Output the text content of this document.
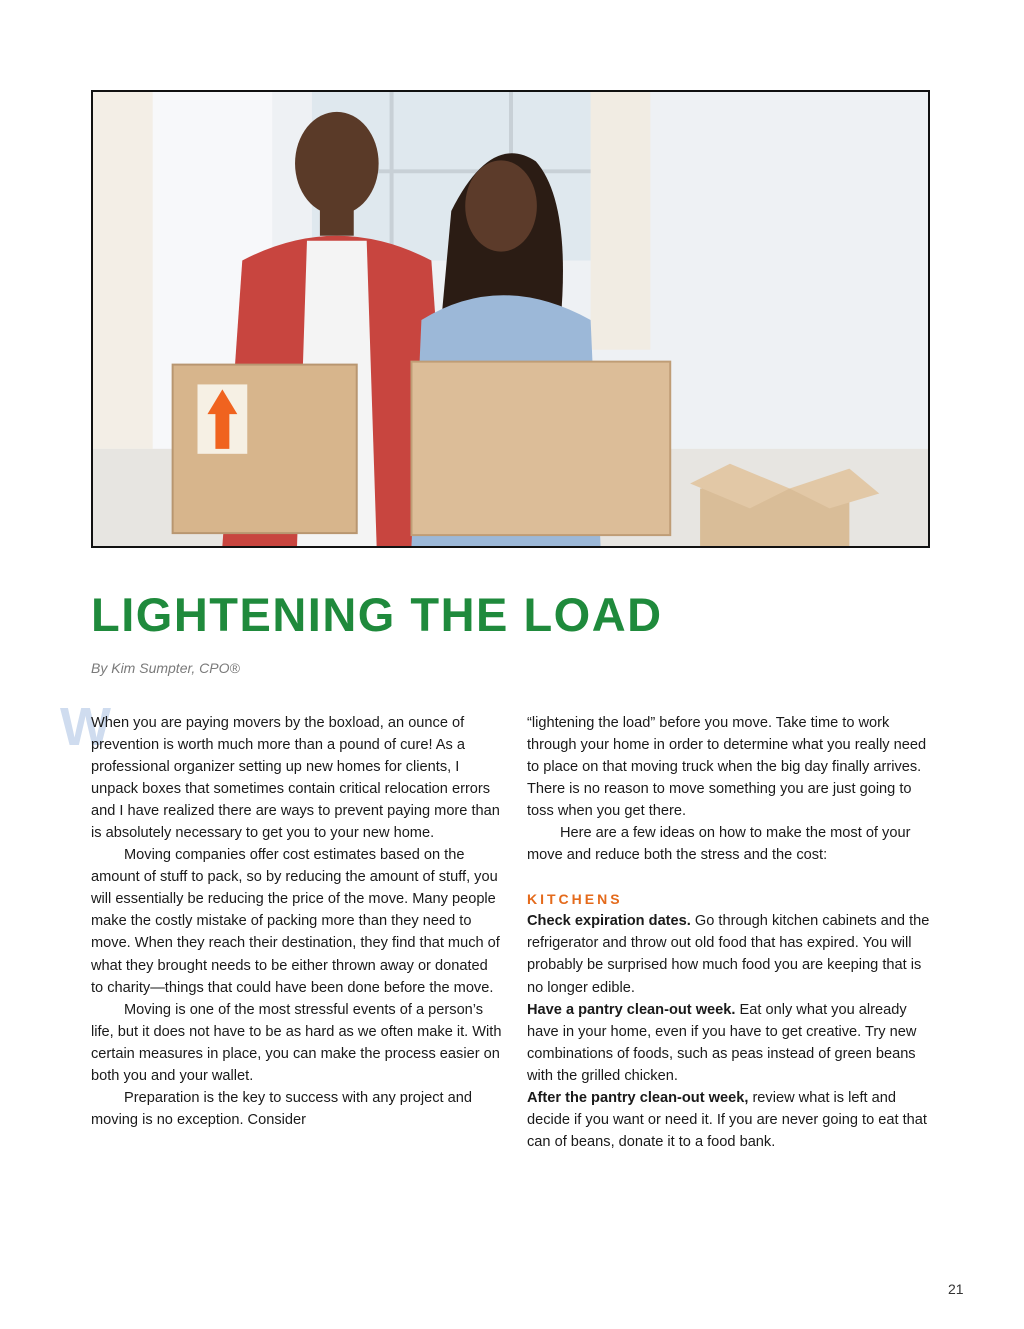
LIGHTENING THE LOAD

By Kim Sumpter, CPO®

W

When you are paying movers by the boxload, an ounce of prevention is worth much more than a pound of cure! As a professional organizer setting up new homes for clients, I unpack boxes that sometimes contain critical relocation errors and I have realized there are ways to prevent paying more than is absolutely necessary to get you to your new home.

Moving companies offer cost estimates based on the amount of stuff to pack, so by reducing the amount of stuff, you will essentially be reducing the price of the move. Many people make the costly mistake of packing more than they need to move. When they reach their destination, they find that much of what they brought needs to be either thrown away or donated to charity—things that could have been done before the move.

Moving is one of the most stressful events of a person’s life, but it does not have to be as hard as we often make it. With certain measures in place, you can make the process easier on both you and your wallet.

Preparation is the key to success with any project and moving is no exception. Consider

“lightening the load” before you move. Take time to work through your home in order to determine what you really need to place on that moving truck when the big day finally arrives. There is no reason to move something you are just going to toss when you get there.

Here are a few ideas on how to make the most of your move and reduce both the stress and the cost:

KITCHENS

Check expiration dates. Go through kitchen cabinets and the refrigerator and throw out old food that has expired. You will probably be surprised how much food you are keeping that is no longer edible.

Have a pantry clean-out week. Eat only what you already have in your home, even if you have to get creative. Try new combinations of foods, such as peas instead of green beans with the grilled chicken.

After the pantry clean-out week, review what is left and decide if you want or need it. If you are never going to eat that can of beans, donate it to a food bank.

21
